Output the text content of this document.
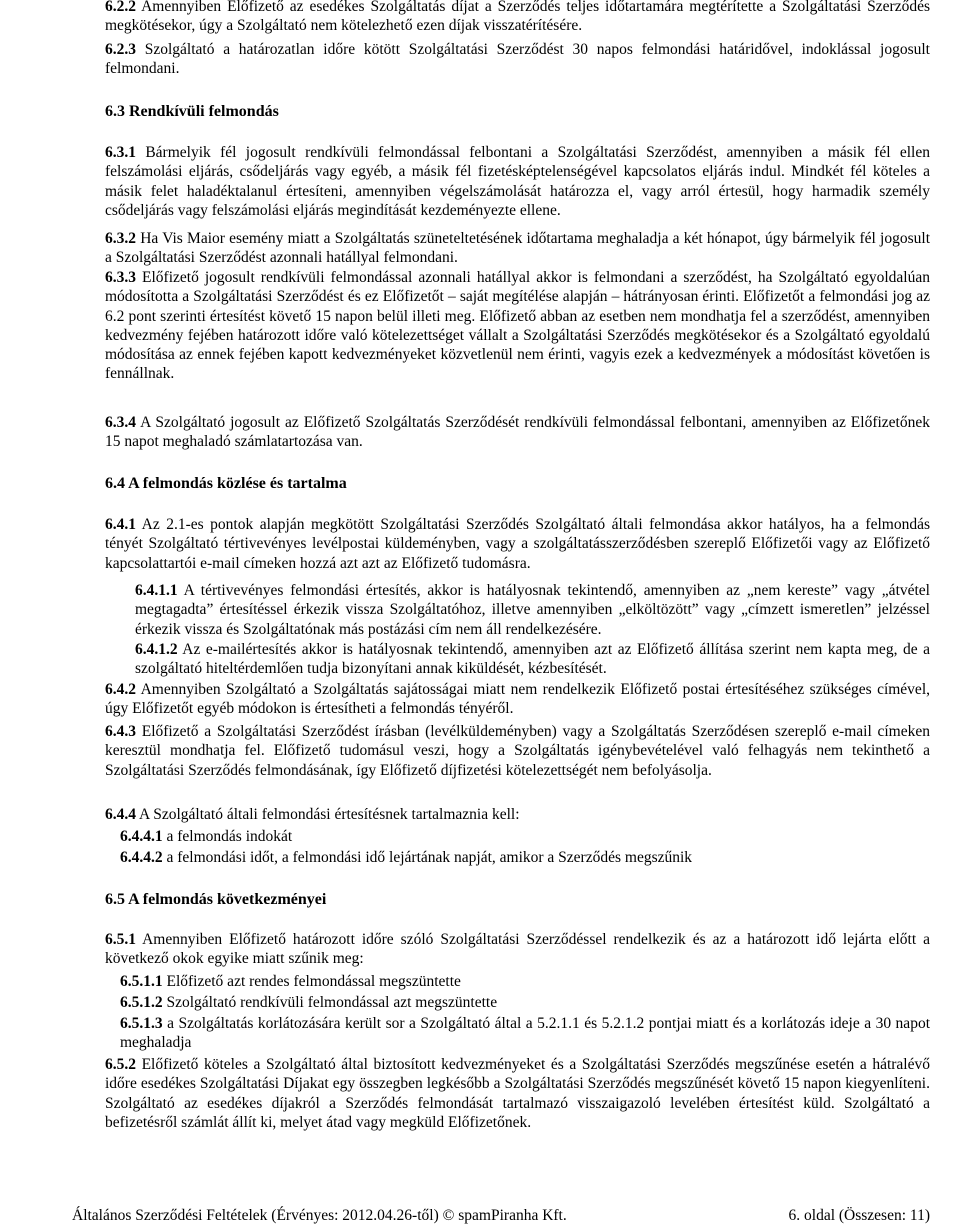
6.2.2 Amennyiben Előfizető az esedékes Szolgáltatás díjat a Szerződés teljes időtartamára megtérítette a Szolgáltatási Szerződés megkötésekor, úgy a Szolgáltató nem kötelezhető ezen díjak visszatérítésére.

6.2.3 Szolgáltató a határozatlan időre kötött Szolgáltatási Szerződést 30 napos felmondási határidővel, indoklással jogosult felmondani.

6.3 Rendkívüli felmondás

6.3.1 Bármelyik fél jogosult rendkívüli felmondással felbontani a Szolgáltatási Szerződést, amennyiben a másik fél ellen felszámolási eljárás, csődeljárás vagy egyéb, a másik fél fizetésképtelenségével kapcsolatos eljárás indul. Mindkét fél köteles a másik felet haladéktalanul értesíteni, amennyiben végelszámolását határozza el, vagy arról értesül, hogy harmadik személy csődeljárás vagy felszámolási eljárás megindítását kezdeményezte ellene.

6.3.2 Ha Vis Maior esemény miatt a Szolgáltatás szüneteltetésének időtartama meghaladja a két hónapot, úgy bármelyik fél jogosult a Szolgáltatási Szerződést azonnali hatállyal felmondani.

6.3.3 Előfizető jogosult rendkívüli felmondással azonnali hatállyal akkor is felmondani a szerződést, ha Szolgáltató egyoldalúan módosította a Szolgáltatási Szerződést és ez Előfizetőt – saját megítélése alapján – hátrányosan érinti. Előfizetőt a felmondási jog az 6.2 pont szerinti értesítést követő 15 napon belül illeti meg. Előfizető abban az esetben nem mondhatja fel a szerződést, amennyiben kedvezmény fejében határozott időre való kötelezettséget vállalt a Szolgáltatási Szerződés megkötésekor és a Szolgáltató egyoldalú módosítása az ennek fejében kapott kedvezményeket közvetlenül nem érinti, vagyis ezek a kedvezmények a módosítást követően is fennállnak.

6.3.4 A Szolgáltató jogosult az Előfizető Szolgáltatás Szerződését rendkívüli felmondással felbontani, amennyiben az Előfizetőnek 15 napot meghaladó számlatartozása van.

6.4 A felmondás közlése és tartalma

6.4.1 Az 2.1-es pontok alapján megkötött Szolgáltatási Szerződés Szolgáltató általi felmondása akkor hatályos, ha a felmondás tényét Szolgáltató tértivevényes levélpostai küldeményben, vagy a szolgáltatásszerződésben szereplő Előfizetői vagy az Előfizető kapcsolattartói e-mail címeken hozzá azt azt az Előfizető tudomásra.

6.4.1.1 A tértivevényes felmondási értesítés, akkor is hatályosnak tekintendő, amennyiben az „nem kereste” vagy „átvétel megtagadta” értesítéssel érkezik vissza Szolgáltatóhoz, illetve amennyiben „elköltözött” vagy „címzett ismeretlen” jelzéssel érkezik vissza és Szolgáltatónak más postázási cím nem áll rendelkezésére.

6.4.1.2 Az e-mailértesítés akkor is hatályosnak tekintendő, amennyiben azt az Előfizető állítása szerint nem kapta meg, de a szolgáltató hiteltérdemlően tudja bizonyítani annak kiküldését, kézbesítését.

6.4.2 Amennyiben Szolgáltató a Szolgáltatás sajátosságai miatt nem rendelkezik Előfizető postai értesítéséhez szükséges címével, úgy Előfizetőt egyéb módokon is értesítheti a felmondás tényéről.

6.4.3 Előfizető a Szolgáltatási Szerződést írásban (levélküldeményben) vagy a Szolgáltatás Szerződésen szereplő e-mail címeken keresztül mondhatja fel. Előfizető tudomásul veszi, hogy a Szolgáltatás igénybevételével való felhagyás nem tekinthető a Szolgáltatási Szerződés felmondásának, így Előfizető díjfizetési kötelezettségét nem befolyásolja.

6.4.4 A Szolgáltató általi felmondási értesítésnek tartalmaznia kell:

6.4.4.1 a felmondás indokát

6.4.4.2 a felmondási időt, a felmondási idő lejártának napját, amikor a Szerződés megszűnik

6.5 A felmondás következményei

6.5.1 Amennyiben Előfizető határozott időre szóló Szolgáltatási Szerződéssel rendelkezik és az a határozott idő lejárta előtt a következő okok egyike miatt szűnik meg:

6.5.1.1 Előfizető azt rendes felmondással megszüntette

6.5.1.2 Szolgáltató rendkívüli felmondással azt megszüntette

6.5.1.3 a Szolgáltatás korlátozására került sor a Szolgáltató által a 5.2.1.1 és 5.2.1.2 pontjai miatt és a korlátozás ideje a 30 napot meghaladja

6.5.2 Előfizető köteles a Szolgáltató által biztosított kedvezményeket és a Szolgáltatási Szerződés megszűnése esetén a hátralévő időre esedékes Szolgáltatási Díjakat egy összegben legkésőbb a Szolgáltatási Szerződés megszűnését követő 15 napon kiegyenlíteni. Szolgáltató az esedékes díjakról a Szerződés felmondását tartalmazó visszaigazoló levelében értesítést küld. Szolgáltató a befizetésről számlát állít ki, melyet átad vagy megküld Előfizetőnek.

Általános Szerződési Feltételek (Érvényes: 2012.04.26-től) © spamPiranha Kft.	6. oldal (Összesen: 11)
